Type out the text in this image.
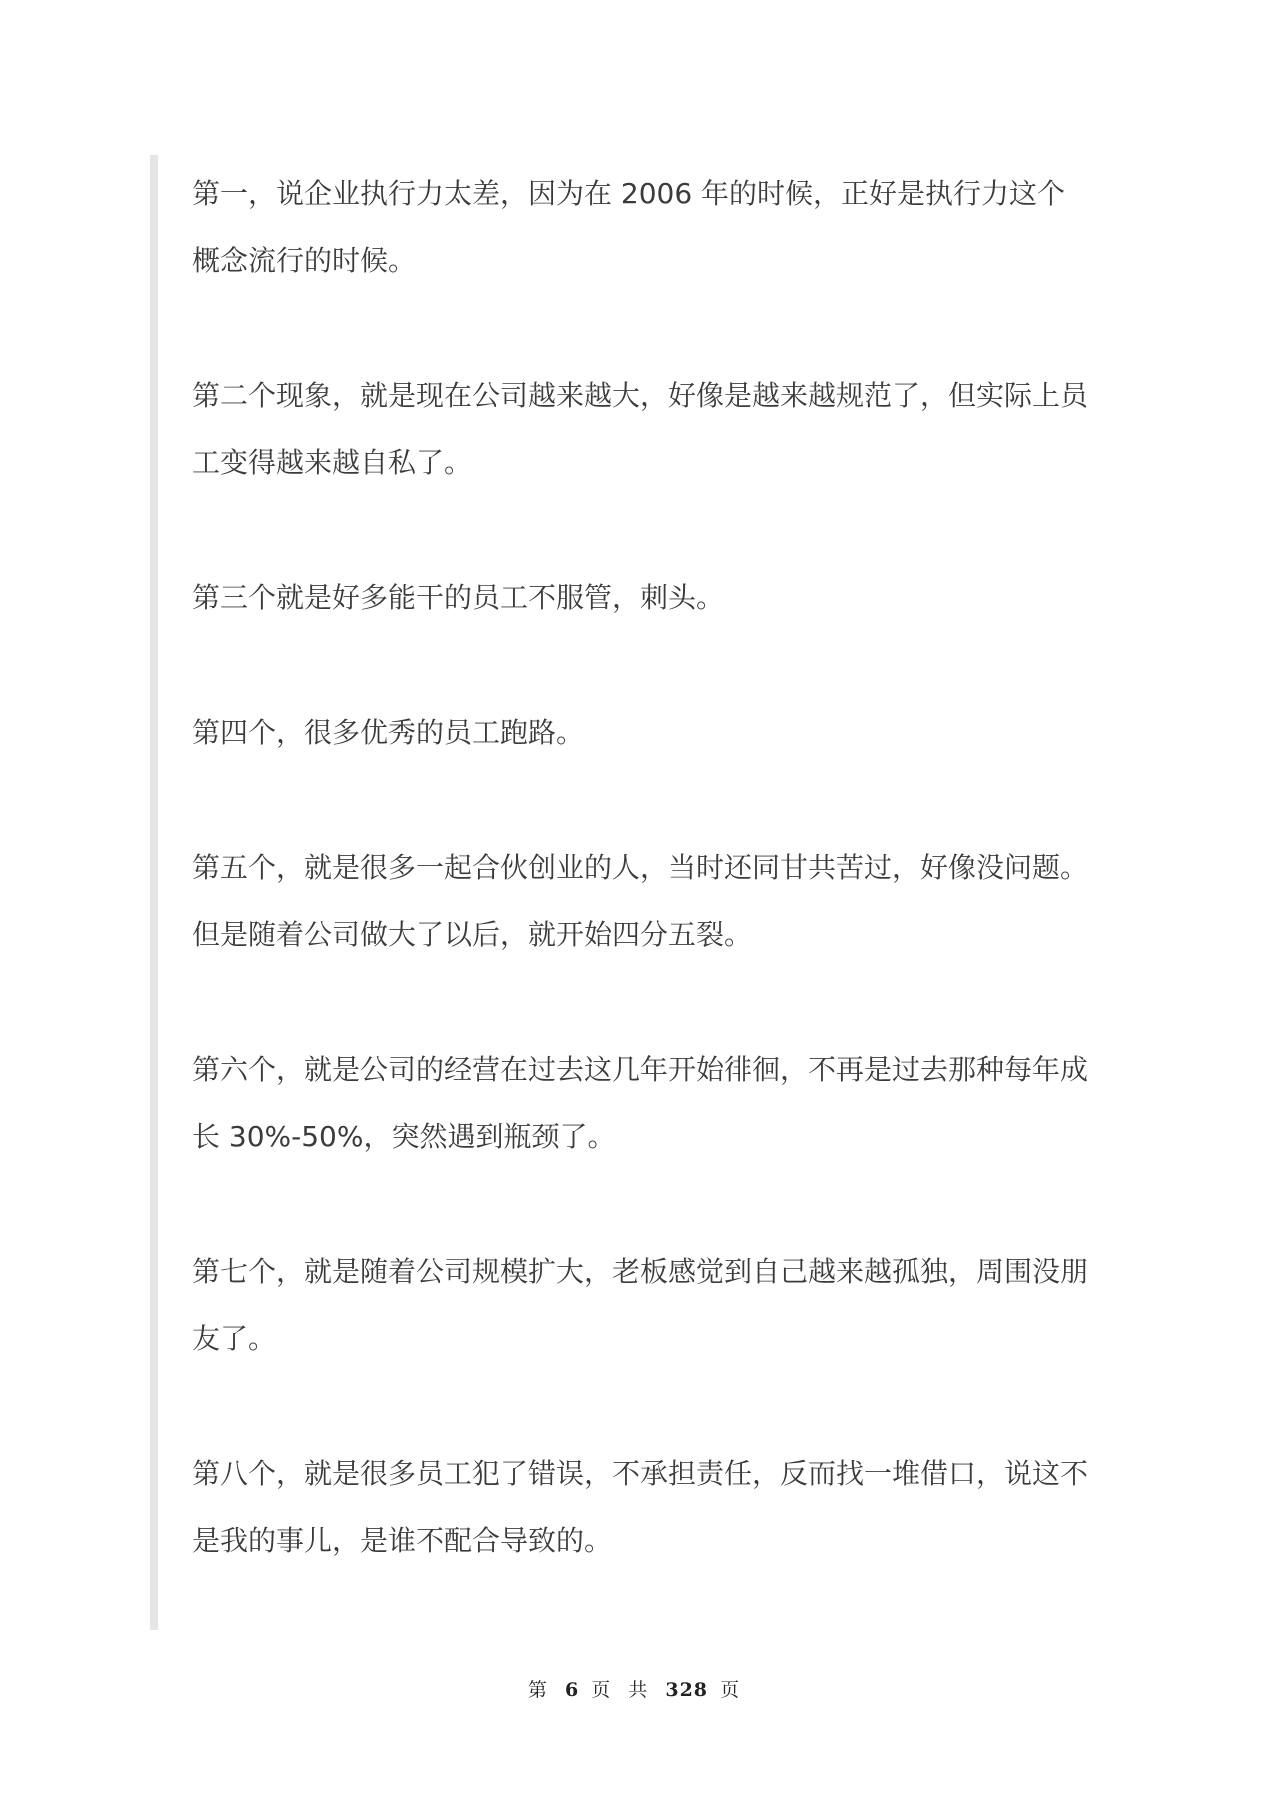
第一，说企业执行力太差，因为在 2006 年的时候，正好是执行力这个概念流行的时候。

第二个现象，就是现在公司越来越大，好像是越来越规范了，但实际上员工变得越来越自私了。

第三个就是好多能干的员工不服管，刺头。

第四个，很多优秀的员工跑路。

第五个，就是很多一起合伙创业的人，当时还同甘共苦过，好像没问题。但是随着公司做大了以后，就开始四分五裂。

第六个，就是公司的经营在过去这几年开始徘徊，不再是过去那种每年成长 30%-50%，突然遇到瓶颈了。

第七个，就是随着公司规模扩大，老板感觉到自己越来越孤独，周围没朋友了。

第八个，就是很多员工犯了错误，不承担责任，反而找一堆借口，说这不是我的事儿，是谁不配合导致的。

第 6 页 共 328 页
